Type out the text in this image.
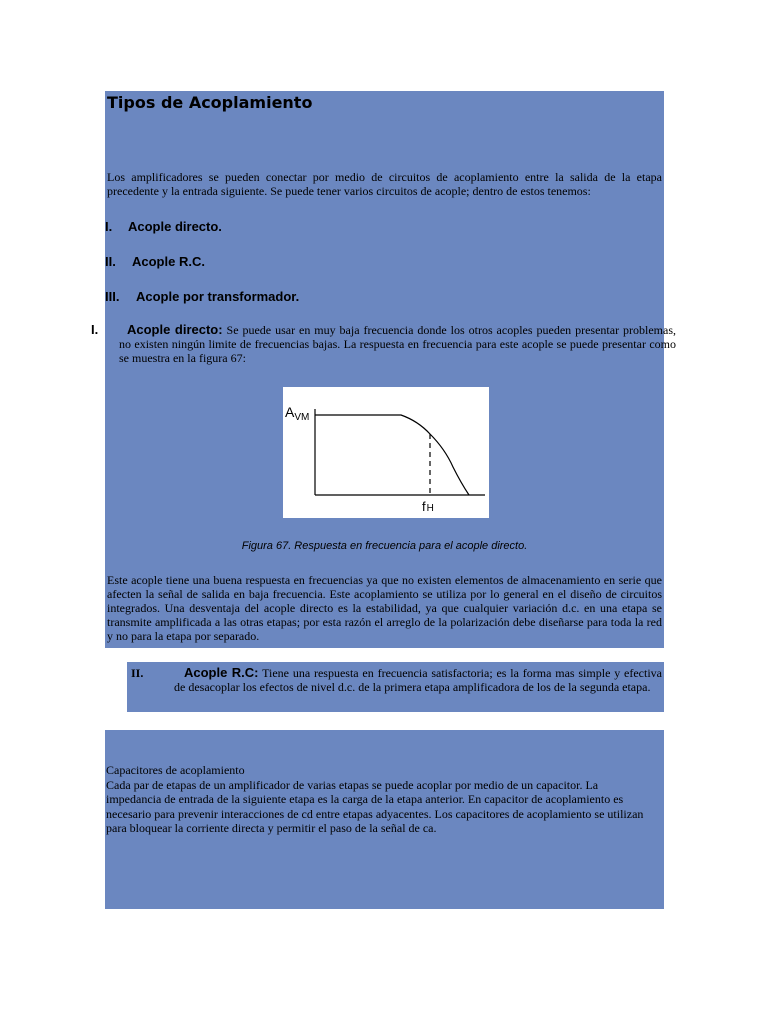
Tipos de Acoplamiento

Los amplificadores se pueden conectar por medio de circuitos de acoplamiento entre la salida de la etapa precedente y la entrada siguiente. Se puede tener varios circuitos de acople; dentro de estos tenemos:

I. Acople directo.

II. Acople R.C.

III. Acople por transformador.

I. Acople directo: Se puede usar en muy baja frecuencia donde los otros acoples pueden presentar problemas, no existen ningún limite de frecuencias bajas. La respuesta en frecuencia para este acople se puede presentar como se muestra en la figura 67:

$A_{VM}$
fH

Figura 67. Respuesta en frecuencia para el acople directo.

Este acople tiene una buena respuesta en frecuencias ya que no existen elementos de almacenamiento en serie que afecten la señal de salida en baja frecuencia. Este acoplamiento se utiliza por lo general en el diseño de circuitos integrados. Una desventaja del acople directo es la estabilidad, ya que cualquier variación d.c. en una etapa se transmite amplificada a las otras etapas; por esta razón el arreglo de la polarización debe diseñarse para toda la red y no para la etapa por separado.

II.	Acople R.C: Tiene una respuesta en frecuencia satisfactoria; es la forma mas simple y efectiva de desacoplar los efectos de nivel d.c. de la primera etapa amplificadora de los de la segunda etapa.

Capacitores de acoplamiento
Cada par de etapas de un amplificador de varias etapas se puede acoplar por medio de un capacitor. La impedancia de entrada de la siguiente etapa es la carga de la etapa anterior. En capacitor de acoplamiento es necesario para prevenir interacciones de cd entre etapas adyacentes. Los capacitores de acoplamiento se utilizan para bloquear la corriente directa y permitir el paso de la señal de ca.
